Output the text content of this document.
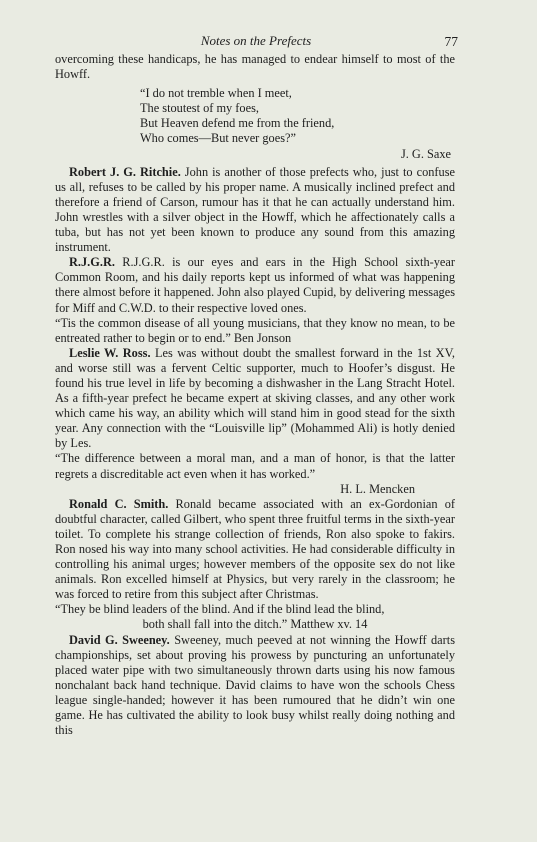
Notes on the Prefects	77

overcoming these handicaps, he has managed to endear himself to most of the Howff.

“I do not tremble when I meet,
The stoutest of my foes,
But Heaven defend me from the friend,
Who comes—But never goes?”
J. G. Saxe

Robert J. G. Ritchie. John is another of those prefects who, just to confuse us all, refuses to be called by his proper name. A musically inclined prefect and therefore a friend of Carson, rumour has it that he can actually understand him. John wrestles with a silver object in the Howff, which he affectionately calls a tuba, but has not yet been known to produce any sound from this amazing instrument.

R.J.G.R. R.J.G.R. is our eyes and ears in the High School sixth-year Common Room, and his daily reports kept us informed of what was happening there almost before it happened. John also played Cupid, by delivering messages for Miff and C.W.D. to their respective loved ones.

“Tis the common disease of all young musicians, that they know no mean, to be entreated rather to begin or to end.” Ben Jonson

Leslie W. Ross. Les was without doubt the smallest forward in the 1st XV, and worse still was a fervent Celtic supporter, much to Hoofer’s disgust. He found his true level in life by becoming a dishwasher in the Lang Stracht Hotel. As a fifth-year prefect he became expert at skiving classes, and any other work which came his way, an ability which will stand him in good stead for the sixth year. Any connection with the “Louisville lip” (Mohammed Ali) is hotly denied by Les.

“The difference between a moral man, and a man of honor, is that the latter regrets a discreditable act even when it has worked.”

H. L. Mencken

Ronald C. Smith. Ronald became associated with an ex-Gordonian of doubtful character, called Gilbert, who spent three fruitful terms in the sixth-year toilet. To complete his strange collection of friends, Ron also spoke to fakirs. Ron nosed his way into many school activities. He had considerable difficulty in controlling his animal urges; however members of the opposite sex do not like animals. Ron excelled himself at Physics, but very rarely in the classroom; he was forced to retire from this subject after Christmas.

“They be blind leaders of the blind. And if the blind lead the blind,

both shall fall into the ditch.” Matthew xv. 14

David G. Sweeney. Sweeney, much peeved at not winning the Howff darts championships, set about proving his prowess by puncturing an unfortunately placed water pipe with two simultaneously thrown darts using his now famous nonchalant back hand technique. David claims to have won the schools Chess league single-handed; however it has been rumoured that he didn’t win one game. He has cultivated the ability to look busy whilst really doing nothing and this
